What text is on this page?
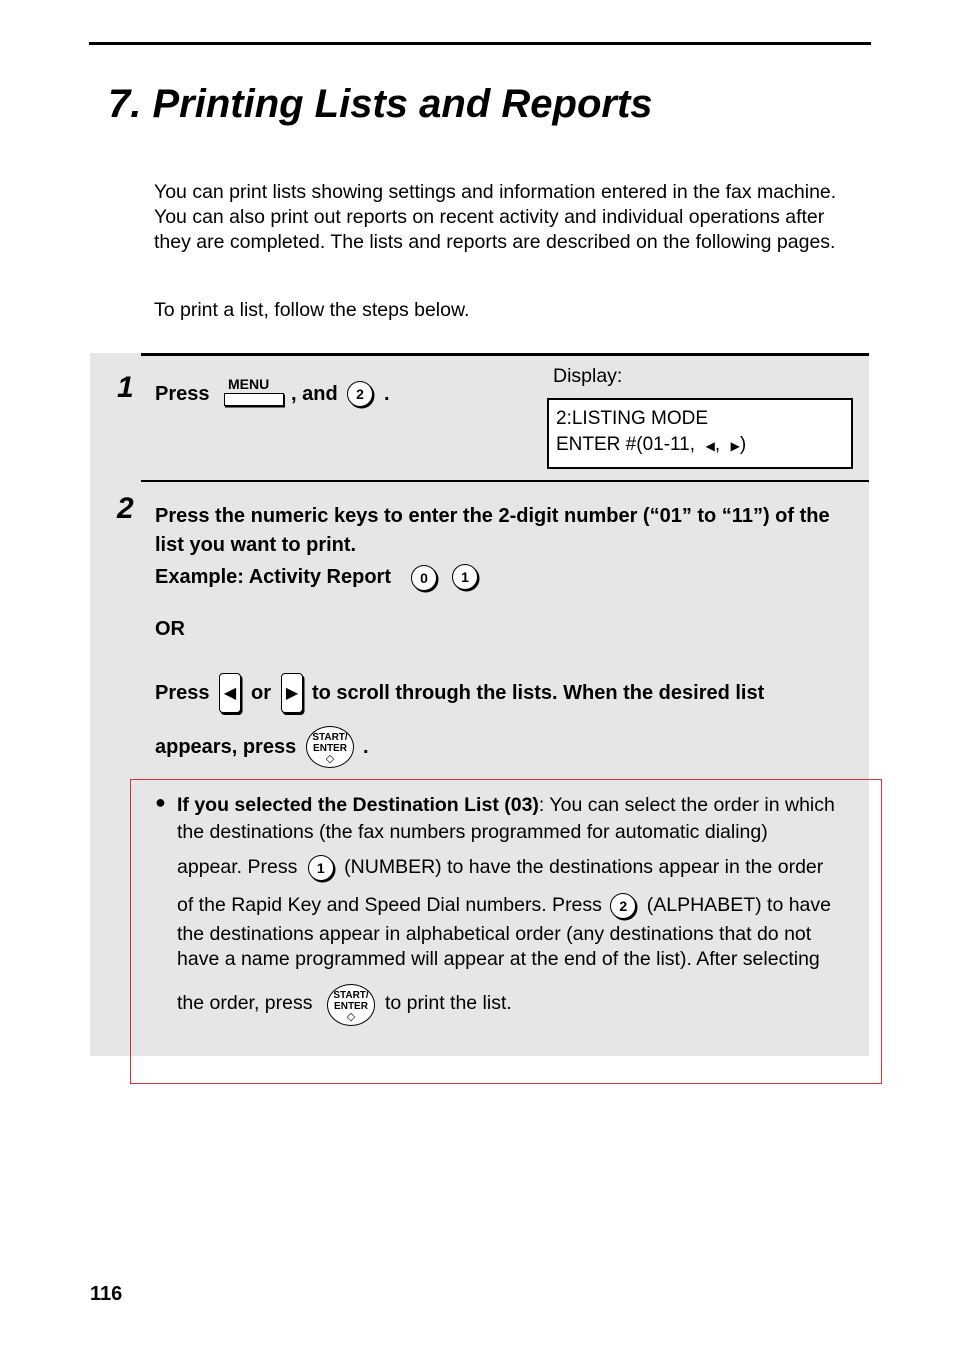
7. Printing Lists and Reports

You can print lists showing settings and information entered in the fax machine. You can also print out reports on recent activity and individual operations after they are completed. The lists and reports are described on the following pages.

To print a list, follow the steps below.

1 Press MENU , and	2	.
Display:
2:LISTING MODE
ENTER #(01-11, ◀, ▶)
2 Press the numeric keys to enter the 2-digit number (“01” to “11”) of the list you want to print.
Example: Activity Report	0	1
OR
Press ◀ or ▶ to scroll through the lists. When the desired list
appears, press	START/
ENTER
◇
.
● If you selected the Destination List (03): You can select the order in which the destinations (the fax numbers programmed for automatic dialing)
appear. Press 1 (NUMBER) to have the destinations appear in the order
of the Rapid Key and Speed Dial numbers. Press 2 (ALPHABET) to have
the destinations appear in alphabetical order (any destinations that do not have a name programmed will appear at the end of the list). After selecting
the order, press	START/
ENTER
◇
to print the list.
116
